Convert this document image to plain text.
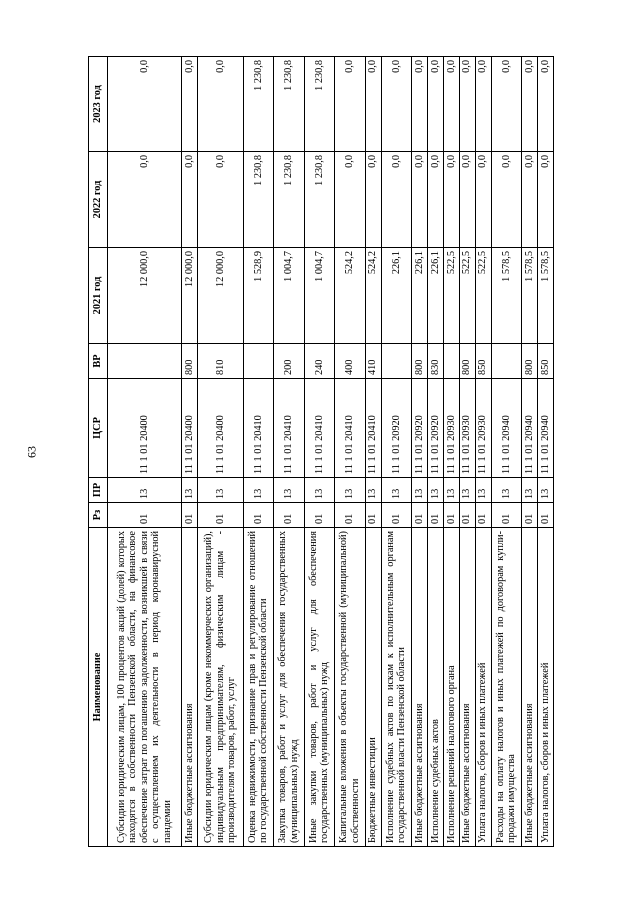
63
Наименование	Рз	ПР	ЦСР	ВР	2021 год	2022 год	2023 год
Субсидии юридическим лицам, 100 процентов акций (долей) которых находятся в собственности Пензенской области, на финансовое обеспечение затрат по погашению задолженности, возникшей в связи с осуществлением их деятельности в период коронавирусной пандемии	01	13	11 1 01 20400		12 000,0	0,0	0,0
Иные бюджетные ассигнования	01	13	11 1 01 20400	800	12 000,0	0,0	0,0
Субсидии юридическим лицам (кроме некоммерческих организаций), индивидуальным предпринимателям, физическим лицам - производителям товаров, работ, услуг	01	13	11 1 01 20400	810	12 000,0	0,0	0,0
Оценка недвижимости, признание прав и регулирование отношений по государственной собственности Пензенской области	01	13	11 1 01 20410		1 528,9	1 230,8	1 230,8
Закупка товаров, работ и услуг для обеспечения государственных (муниципальных) нужд	01	13	11 1 01 20410	200	1 004,7	1 230,8	1 230,8
Иные закупки товаров, работ и услуг для обеспечения государственных (муниципальных) нужд	01	13	11 1 01 20410	240	1 004,7	1 230,8	1 230,8
Капитальные вложения в объекты государственной (муниципальной) собственности	01	13	11 1 01 20410	400	524,2	0,0	0,0
Бюджетные инвестиции	01	13	11 1 01 20410	410	524,2	0,0	0,0
Исполнение судебных актов по искам к исполнительным органам государственной власти Пензенской области	01	13	11 1 01 20920		226,1	0,0	0,0
Иные бюджетные ассигнования	01	13	11 1 01 20920	800	226,1	0,0	0,0
Исполнение судебных актов	01	13	11 1 01 20920	830	226,1	0,0	0,0
Исполнение решений налогового органа	01	13	11 1 01 20930		522,5	0,0	0,0
Иные бюджетные ассигнования	01	13	11 1 01 20930	800	522,5	0,0	0,0
Уплата налогов, сборов и иных платежей	01	13	11 1 01 20930	850	522,5	0,0	0,0
Расходы на оплату налогов и иных платежей по договорам купли-продажи имущества	01	13	11 1 01 20940		1 578,5	0,0	0,0
Иные бюджетные ассигнования	01	13	11 1 01 20940	800	1 578,5	0,0	0,0
Уплата налогов, сборов и иных платежей	01	13	11 1 01 20940	850	1 578,5	0,0	0,0
